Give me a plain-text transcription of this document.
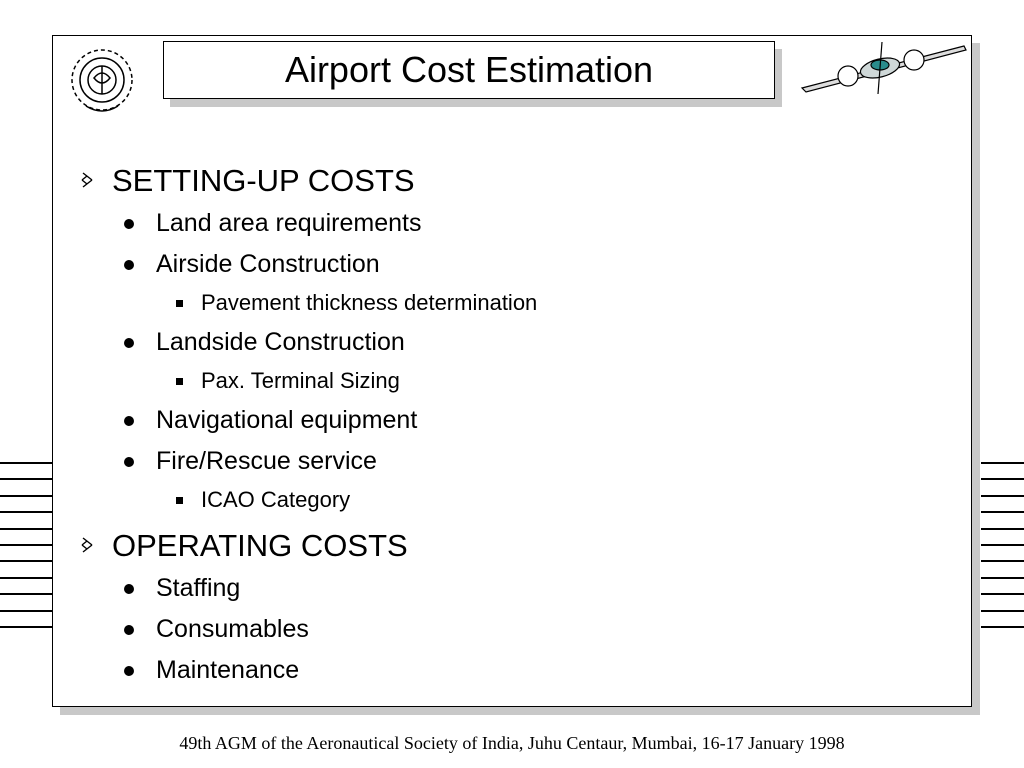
Airport Cost Estimation
SETTING-UP COSTS
Land area requirements
Airside Construction
Pavement thickness determination
Landside Construction
Pax. Terminal Sizing
Navigational equipment
Fire/Rescue service
ICAO Category
OPERATING COSTS
Staffing
Consumables
Maintenance
49th AGM of the Aeronautical Society of India, Juhu Centaur, Mumbai, 16-17 January 1998
